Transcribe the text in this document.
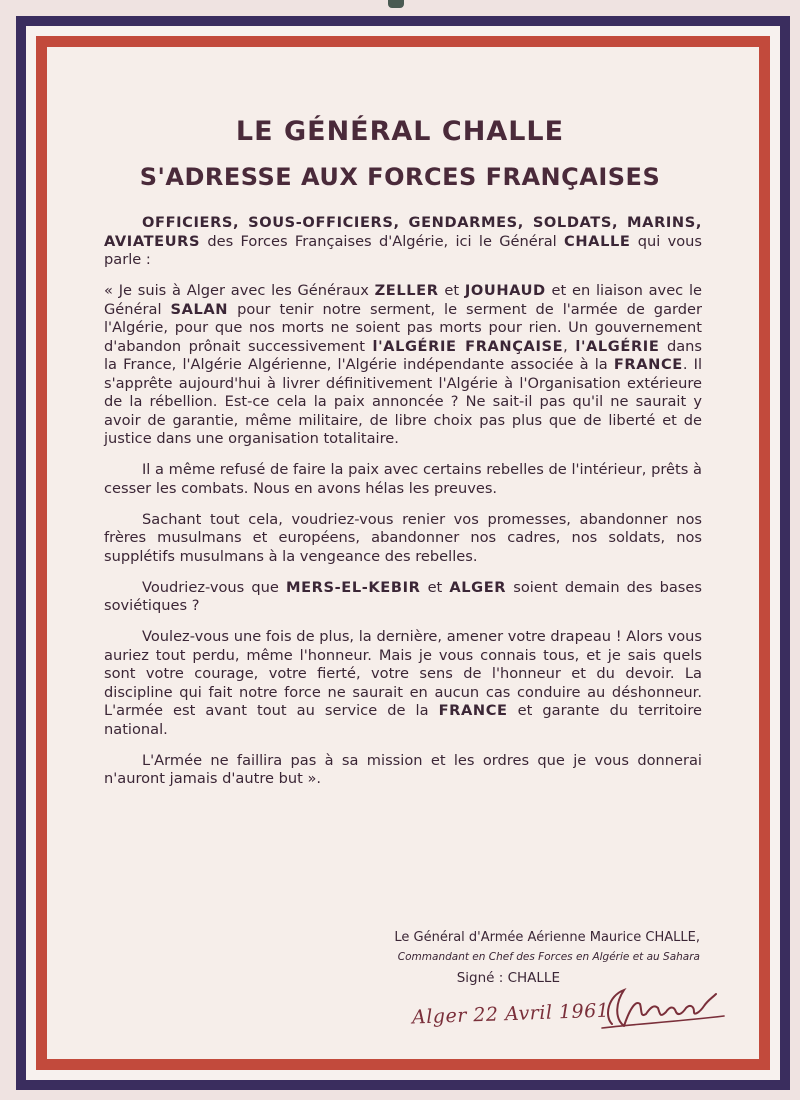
LE GÉNÉRAL CHALLE
S'ADRESSE AUX FORCES FRANÇAISES

OFFICIERS, SOUS-OFFICIERS, GENDARMES, SOLDATS, MARINS, AVIATEURS des Forces Françaises d'Algérie, ici le Général CHALLE qui vous parle :

« Je suis à Alger avec les Généraux ZELLER et JOUHAUD et en liaison avec le Général SALAN pour tenir notre serment, le serment de l'armée de garder l'Algérie, pour que nos morts ne soient pas morts pour rien. Un gouvernement d'abandon prônait successivement l'ALGÉRIE FRANÇAISE, l'ALGÉRIE dans la France, l'Algérie Algérienne, l'Algérie indépendante associée à la FRANCE. Il s'apprête aujourd'hui à livrer définitivement l'Algérie à l'Organisation extérieure de la rébellion. Est-ce cela la paix annoncée ? Ne sait-il pas qu'il ne saurait y avoir de garantie, même militaire, de libre choix pas plus que de liberté et de justice dans une organisation totalitaire.

Il a même refusé de faire la paix avec certains rebelles de l'intérieur, prêts à cesser les combats. Nous en avons hélas les preuves.

Sachant tout cela, voudriez-vous renier vos promesses, abandonner nos frères musulmans et européens, abandonner nos cadres, nos soldats, nos supplétifs musulmans à la vengeance des rebelles.

Voudriez-vous que MERS-EL-KEBIR et ALGER soient demain des bases soviétiques ?

Voulez-vous une fois de plus, la dernière, amener votre drapeau ! Alors vous auriez tout perdu, même l'honneur. Mais je vous connais tous, et je sais quels sont votre courage, votre fierté, votre sens de l'honneur et du devoir. La discipline qui fait notre force ne saurait en aucun cas conduire au déshonneur. L'armée est avant tout au service de la FRANCE et garante du territoire national.

L'Armée ne faillira pas à sa mission et les ordres que je vous donnerai n'auront jamais d'autre but ».

Le Général d'Armée Aérienne Maurice CHALLE,
Commandant en Chef des Forces en Algérie et au Sahara
Signé : CHALLE
Alger 22 Avril 1961
